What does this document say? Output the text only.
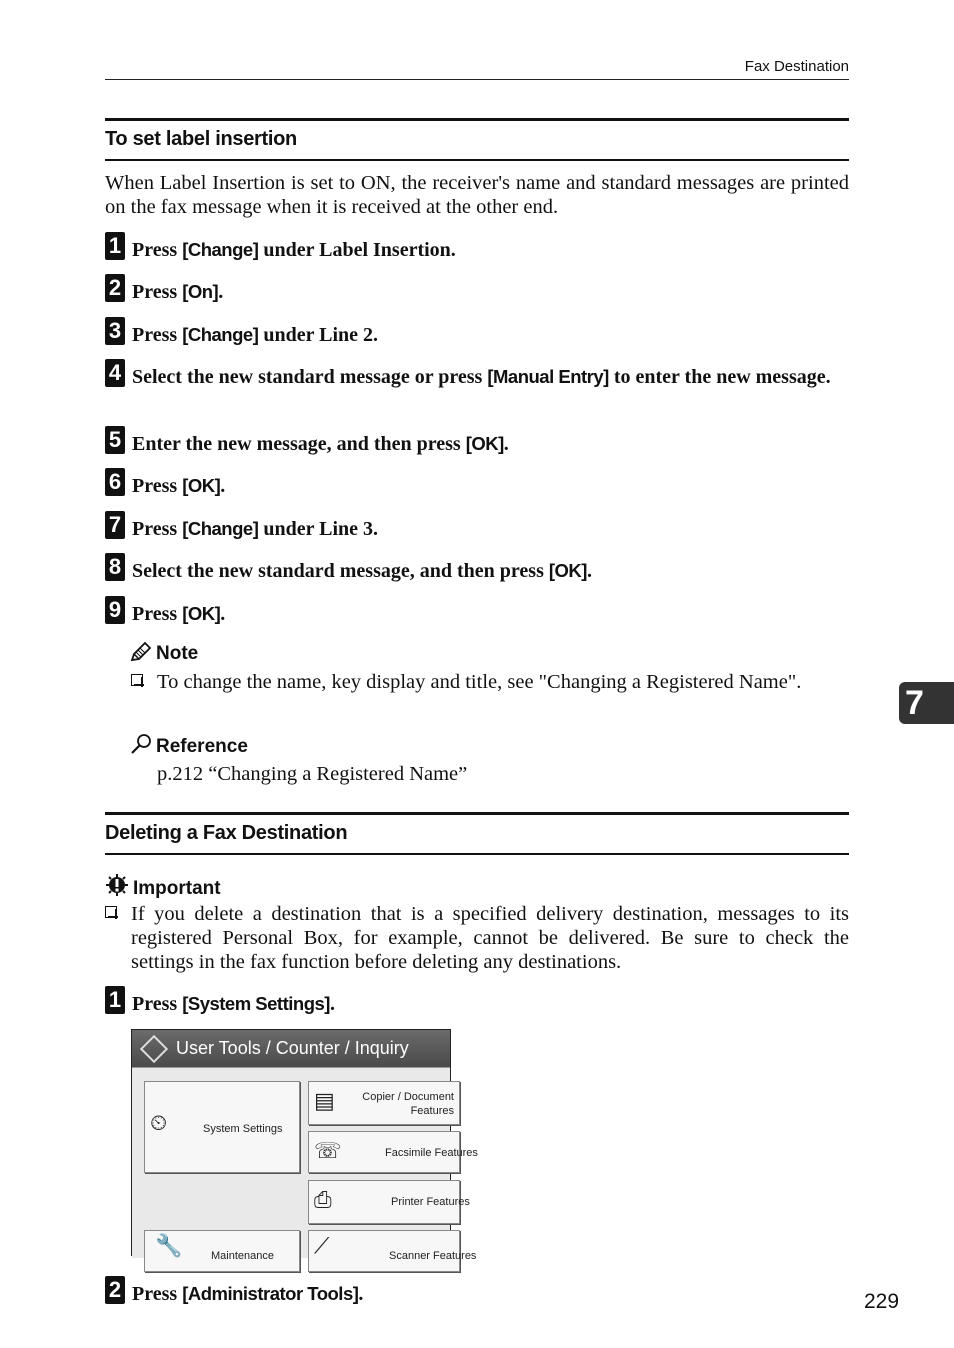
Fax Destination
To set label insertion
When Label Insertion is set to ON, the receiver's name and standard messages are printed on the fax message when it is received at the other end.
1 Press [Change] under Label Insertion.
2 Press [On].
3 Press [Change] under Line 2.
4 Select the new standard message or press [Manual Entry] to enter the new message.
5 Enter the new message, and then press [OK].
6 Press [OK].
7 Press [Change] under Line 3.
8 Select the new standard message, and then press [OK].
9 Press [OK].
Note
To change the name, key display and title, see "Changing a Registered Name".
Reference
p.212 “Changing a Registered Name”
Deleting a Fax Destination
Important
If you delete a destination that is a specified delivery destination, messages to its registered Personal Box, for example, cannot be delivered. Be sure to check the settings in the fax function before deleting any destinations.
1 Press [System Settings].
User Tools / Counter / Inquiry
⏲	System Settings
▤	Copier / Document Features
☏	Facsimile Features
⎙	Printer Features
🔧	Maintenance ⟋	Scanner Features
2 Press [Administrator Tools].
7
229
